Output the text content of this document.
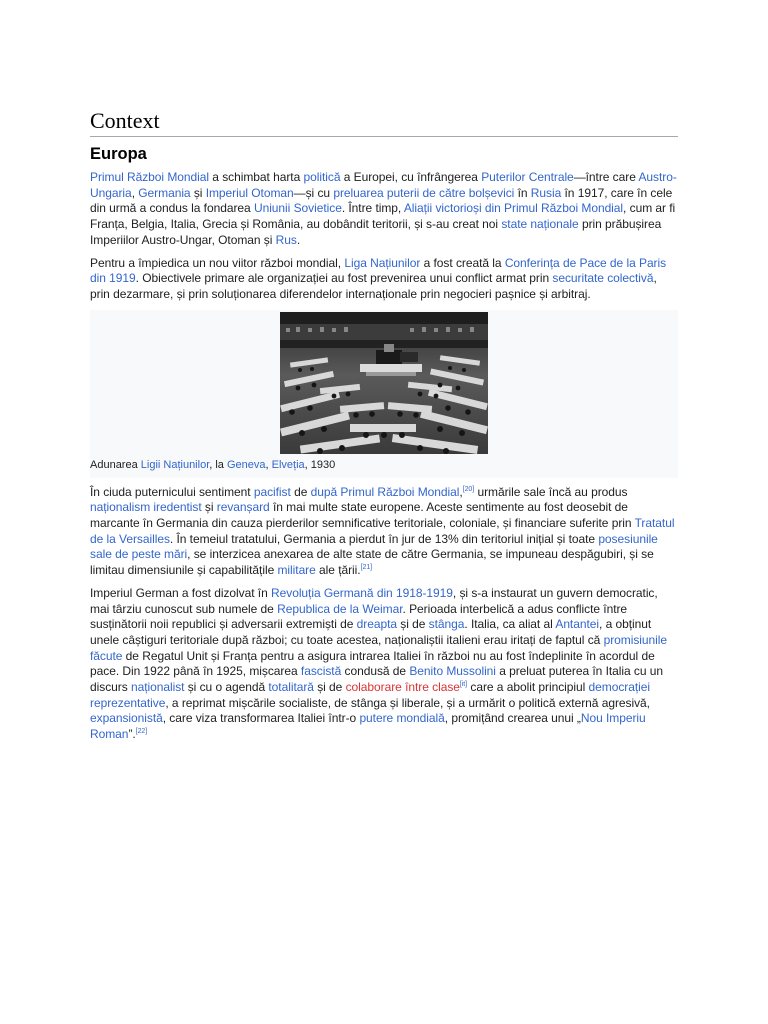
Context
Europa

Primul Război Mondial a schimbat harta politică a Europei, cu înfrângerea Puterilor Centrale—între care Austro-Ungaria, Germania și Imperiul Otoman—și cu preluarea puterii de către bolșevici în Rusia în 1917, care în cele din urmă a condus la fondarea Uniunii Sovietice. Între timp, Aliații victorioși din Primul Război Mondial, cum ar fi Franța, Belgia, Italia, Grecia și România, au dobândit teritorii, și s-au creat noi state naționale prin prăbușirea Imperiilor Austro-Ungar, Otoman și Rus.

Pentru a împiedica un nou viitor război mondial, Liga Națiunilor a fost creată la Conferința de Pace de la Paris din 1919. Obiectivele primare ale organizației au fost prevenirea unui conflict armat prin securitate colectivă, prin dezarmare, și prin soluționarea diferendelor internaționale prin negocieri pașnice și arbitraj.

Adunarea Ligii Națiunilor, la Geneva, Elveția, 1930

În ciuda puternicului sentiment pacifist de după Primul Război Mondial,[20] urmările sale încă au produs naționalism iredentist și revanșard în mai multe state europene. Aceste sentimente au fost deosebit de marcante în Germania din cauza pierderilor semnificative teritoriale, coloniale, și financiare suferite prin Tratatul de la Versailles. În temeiul tratatului, Germania a pierdut în jur de 13% din teritoriul inițial și toate posesiunile sale de peste mări, se interzicea anexarea de alte state de către Germania, se impuneau despăgubiri, și se limitau dimensiunile și capabilitățile militare ale țării.[21]

Imperiul German a fost dizolvat în Revoluția Germană din 1918-1919, și s-a instaurat un guvern democratic, mai târziu cunoscut sub numele de Republica de la Weimar. Perioada interbelică a adus conflicte între susținătorii noii republici și adversarii extremiști de dreapta și de stânga. Italia, ca aliat al Antantei, a obținut unele câștiguri teritoriale după război; cu toate acestea, naționaliștii italieni erau iritați de faptul că promisiunile făcute de Regatul Unit și Franța pentru a asigura intrarea Italiei în război nu au fost îndeplinite în acordul de pace. Din 1922 până în 1925, mișcarea fascistă condusă de Benito Mussolini a preluat puterea în Italia cu un discurs naționalist și cu o agendă totalitară și de colaborare între clase[it] care a abolit principiul democrației reprezentative, a reprimat mișcările socialiste, de stânga și liberale, și a urmărit o politică externă agresivă, expansionistă, care viza transformarea Italiei într-o putere mondială, promițând crearea unui „Nou Imperiu Roman”.[22]
